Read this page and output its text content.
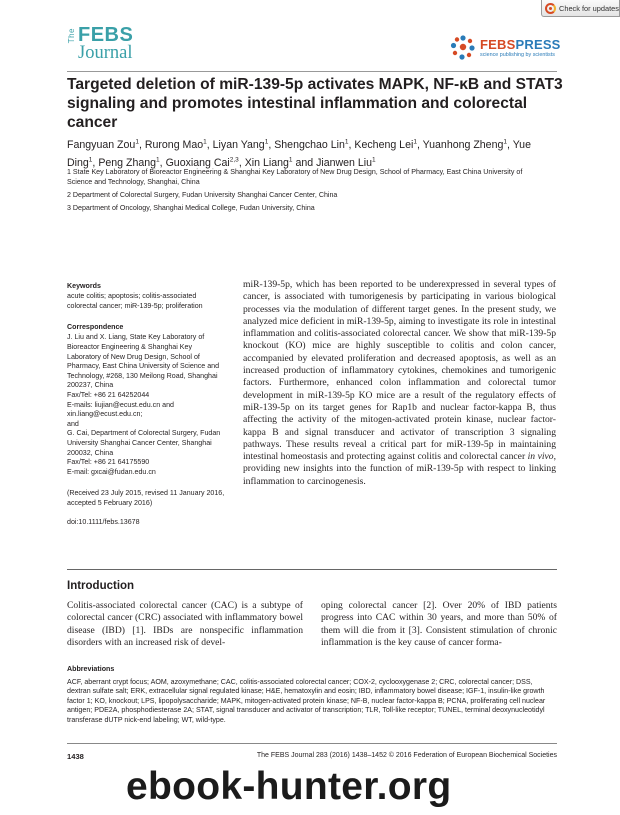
Check for updates
The FEBS
Journal	FEBSPRESS
science publishing by scientists
Targeted deletion of miR-139-5p activates MAPK, NF-κB and STAT3 signaling and promotes intestinal inflammation and colorectal cancer
Fangyuan Zou$^1$, Rurong Mao$^1$, Liyan Yang$^1$, Shengchao Lin$^1$, Kecheng Lei$^1$, Yuanhong Zheng$^1$, Yue Ding$^1$, Peng Zhang$^1$, Guoxiang Cai$^{2,3}$, Xin Liang$^1$ and Jianwen Liu$^1$

1 State Key Laboratory of Bioreactor Engineering & Shanghai Key Laboratory of New Drug Design, School of Pharmacy, East China University of Science and Technology, Shanghai, China

2 Department of Colorectal Surgery, Fudan University Shanghai Cancer Center, China

3 Department of Oncology, Shanghai Medical College, Fudan University, China

Keywords

acute colitis; apoptosis; colitis-associated colorectal cancer; miR-139-5p; proliferation

Correspondence

J. Liu and X. Liang, State Key Laboratory of Bioreactor Engineering & Shanghai Key Laboratory of New Drug Design, School of Pharmacy, East China University of Science and Technology, #268, 130 Meilong Road, Shanghai 200237, China

Fax/Tel: +86 21 64252044

E-mails: liujian@ecust.edu.cn and xin.liang@ecust.edu.cn;

and

G. Cai, Department of Colorectal Surgery, Fudan University Shanghai Cancer Center, Shanghai 200032, China

Fax/Tel: +86 21 64175590

E-mail: gxcai@fudan.edu.cn

(Received 23 July 2015, revised 11 January 2016, accepted 5 February 2016)

doi:10.1111/febs.13678

miR-139-5p, which has been reported to be underexpressed in several types of cancer, is associated with tumorigenesis by participating in various biological processes via the modulation of different target genes. In the present study, we analyzed mice deficient in miR-139-5p, aiming to investigate its role in intestinal inflammation and colitis-associated colorectal cancer. We show that miR-139-5p knockout (KO) mice are highly susceptible to colitis and colon cancer, accompanied by elevated proliferation and decreased apoptosis, as well as an increased production of inflammatory cytokines, chemokines and tumorigenic factors. Furthermore, enhanced colon inflammation and colorectal tumor development in miR-139-5p KO mice are a result of the regulatory effects of miR-139-5p on its target genes for Rap1b and nuclear factor-kappa B, thus affecting the activity of the mitogen-activated protein kinase, nuclear factor-kappa B and signal transducer and activator of transcription 3 signaling pathways. These results reveal a critical part for miR-139-5p in maintaining intestinal homeostasis and protecting against colitis and colorectal cancer in vivo, providing new insights into the function of miR-139-5p with respect to linking inflammation to carcinogenesis.
Introduction

Colitis-associated colorectal cancer (CAC) is a subtype of colorectal cancer (CRC) associated with inflammatory bowel disease (IBD) [1]. IBDs are nonspecific inflammation disorders with an increased risk of devel-

oping colorectal cancer [2]. Over 20% of IBD patients progress into CAC within 30 years, and more than 50% of them will die from it [3]. Consistent stimulation of chronic inflammation is the key cause of cancer forma-

Abbreviations

ACF, aberrant crypt focus; AOM, azoxymethane; CAC, colitis-associated colorectal cancer; COX-2, cyclooxygenase 2; CRC, colorectal cancer; DSS, dextran sulfate salt; ERK, extracellular signal regulated kinase; H&E, hematoxylin and eosin; IBD, inflammatory bowel disease; IGF-1, insulin-like growth factor 1; KO, knockout; LPS, lipopolysaccharide; MAPK, mitogen-activated protein kinase; NF-B, nuclear factor-kappa B; PCNA, proliferating cell nuclear antigen; PDE2A, phosphodiesterase 2A; STAT, signal transducer and activator of transcription; TLR, Toll-like receptor; TUNEL, terminal deoxynucleotidyl transferase dUTP nick-end labeling; WT, wild-type.

1438	The FEBS Journal 283 (2016) 1438–1452 © 2016 Federation of European Biochemical Societies
ebook-hunter.org
